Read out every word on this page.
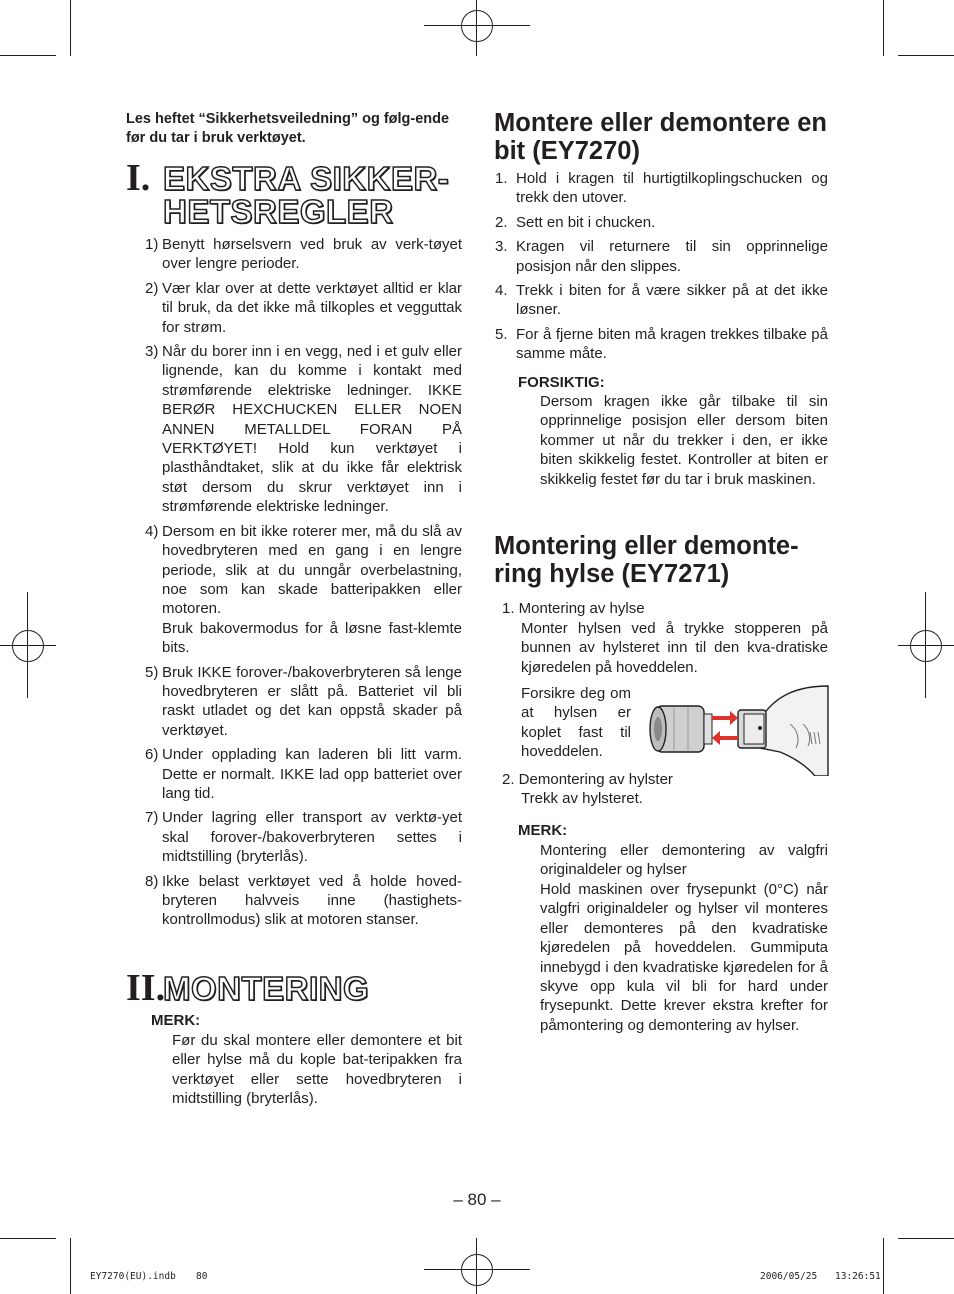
Les heftet “Sikkerhetsveiledning” og følg-ende før du tar i bruk verktøyet.
I. EKSTRA SIKKER-
HETSREGLER
1) Benytt hørselsvern ved bruk av verk-tøyet over lengre perioder.
2) Vær klar over at dette verktøyet alltid er klar til bruk, da det ikke må tilkoples et vegguttak for strøm.
3) Når du borer inn i en vegg, ned i et gulv eller lignende, kan du komme i kontakt med strømførende elektriske ledninger. IKKE BERØR HEXCHUCKEN ELLER NOEN ANNEN METALLDEL FORAN PÅ VERKTØYET! Hold kun verktøyet i plasthåndtaket, slik at du ikke får elektrisk støt dersom du skrur verktøyet inn i strømførende elektriske ledninger.
4) Dersom en bit ikke roterer mer, må du slå av hovedbryteren med en gang i en lengre periode, slik at du unngår overbelastning, noe som kan skade batteripakken eller motoren.
Bruk bakovermodus for å løsne fast-klemte bits.
5) Bruk IKKE forover-/bakoverbryteren så lenge hovedbryteren er slått på. Batteriet vil bli raskt utladet og det kan oppstå skader på verktøyet.
6) Under opplading kan laderen bli litt varm. Dette er normalt. IKKE lad opp batteriet over lang tid.
7) Under lagring eller transport av verktø-yet skal forover-/bakoverbryteren settes i midtstilling (bryterlås).
8) Ikke belast verktøyet ved å holde hoved-bryteren halvveis inne (hastighets-kontrollmodus) slik at motoren stanser.
II.
MONTERING
MERK:
Før du skal montere eller demontere et bit eller hylse må du kople bat-teripakken fra verktøyet eller sette hovedbryteren i midtstilling (bryterlås).
Montere eller demontere en bit (EY7270)
1. Hold i kragen til hurtigtilkoplingschucken og trekk den utover.
2. Sett en bit i chucken.
3. Kragen vil returnere til sin opprinnelige posisjon når den slippes.
4. Trekk i biten for å være sikker på at det ikke løsner.
5. For å fjerne biten må kragen trekkes tilbake på samme måte.
FORSIKTIG:
Dersom kragen ikke går tilbake til sin opprinnelige posisjon eller dersom biten kommer ut når du trekker i den, er ikke biten skikkelig festet. Kontroller at biten er skikkelig festet før du tar i bruk maskinen.
Montering eller demonte-ring hylse (EY7271)
1. Montering av hylse
Monter hylsen ved å trykke stopperen på bunnen av hylsteret inn til den kva-dratiske kjøredelen på hoveddelen.
Forsikre deg om at hylsen er koplet fast til hoveddelen.
2. Demontering av hylster
Trekk av hylsteret.
MERK:
Montering eller demontering av valgfri originaldeler og hylser
Hold maskinen over frysepunkt (0°C) når valgfri originaldeler og hylser vil monteres eller demonteres på den kvadratiske kjøredelen på hoveddelen. Gummiputa innebygd i den kvadratiske kjøredelen for å skyve opp kula vil bli for hard under frysepunkt. Dette krever ekstra krefter for påmontering og demontering av hylser.
– 80 –
EY7270(EU).indb 80	2006/05/25 13:26:51
